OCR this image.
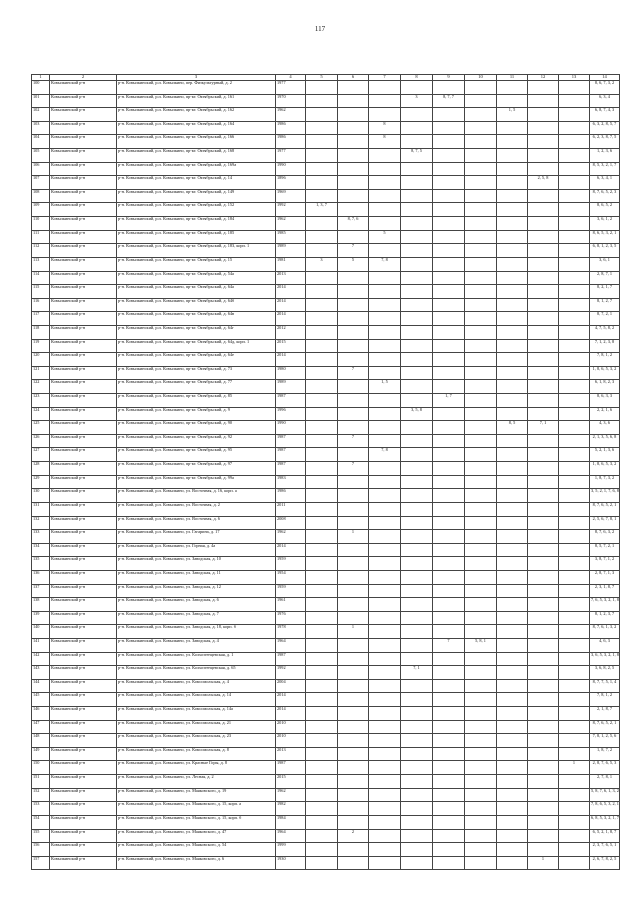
117
1	2	3	4	5	6	7	8	9	10	11	12	13	14
100	Ковылкинский р-н	р-н. Ковылкинский, р.п. Ковылкино, пер. Физкультурный, д. 2	1977										8, 6, 7, 3, 2
101	Ковылкинский р-н	р-н. Ковылкинский, р.п. Ковылкино, пр-кт. Октябрьский, д. 161	1970				3	8, 7, 7					6, 3, 4
102	Ковылкинский р-н	р-н. Ковылкинский, р.п. Ковылкино, пр-кт. Октябрьский, д. 162	1962							1, 5			6, 8, 7, 4, 3
103	Ковылкинский р-н	р-н. Ковылкинский, р.п. Ковылкино, пр-кт. Октябрьский, д. 164	1986			8							6, 3, 2, 8, 5, 7
104	Ковылкинский р-н	р-н. Ковылкинский, р.п. Ковылкино, пр-кт. Октябрьский, д. 166	1986			8							6, 2, 3, 8, 7, 5
105	Ковылкинский р-н	р-н. Ковылкинский, р.п. Ковылкино, пр-кт. Октябрьский, д. 168	1977				8, 7, 5						1, 2, 3, 6
106	Ковылкинский р-н	р-н. Ковылкинский, р.п. Ковылкино, пр-кт. Октябрьский, д. 169а	1990										8, 5, 3, 2, 1, 7
107	Ковылкинский р-н	р-н. Ковылкинский, р.п. Ковылкино, пр-кт. Октябрьский, д. 14	1896								2, 5, 8		6, 3, 4, 1
108	Ковылкинский р-н	р-н. Ковылкинский, р.п. Ковылкино, пр-кт. Октябрьский, д. 149	1969										8, 7, 6, 5, 2, 3
109	Ковылкинский р-н	р-н. Ковылкинский, р.п. Ковылкино, пр-кт. Октябрьский, д. 152	1992	1, 3, 7									8, 6, 5, 2
110	Ковылкинский р-н	р-н. Ковылкинский, р.п. Ковылкино, пр-кт. Октябрьский, д. 184	1962		8, 7, 6								3, 6, 1, 2
111	Ковылкинский р-н	р-н. Ковылкинский, р.п. Ковылкино, пр-кт. Октябрьский, д. 185	1985			5							8, 6, 5, 3, 2, 1
112	Ковылкинский р-н	р-н. Ковылкинский, р.п. Ковылкино, пр-кт. Октябрьский, д. 183, корп. 1	1989		7								6, 8, 1, 2, 3, 5
113	Ковылкинский р-н	р-н. Ковылкинский, р.п. Ковылкино, пр-кт. Октябрьский, д. 15	1981	3	5	7, 8							3, 6, 1
114	Ковылкинский р-н	р-н. Ковылкинский, р.п. Ковылкино, пр-кт. Октябрьский, д. 54а	2013										2, 8, 7, 1
115	Ковылкинский р-н	р-н. Ковылкинский, р.п. Ковылкино, пр-кт. Октябрьский, д. 64а	2014										8, 2, 1, 7
116	Ковылкинский р-н	р-н. Ковылкинский, р.п. Ковылкино, пр-кт. Октябрьский, д. 64б	2014										8, 1, 2, 7
117	Ковылкинский р-н	р-н. Ковылкинский, р.п. Ковылкино, пр-кт. Октябрьский, д. 64в	2014										8, 7, 2, 1
118	Ковылкинский р-н	р-н. Ковылкинский, р.п. Ковылкино, пр-кт. Октябрьский, д. 64г	2012										4, 7, 5, 8, 2
119	Ковылкинский р-н	р-н. Ковылкинский, р.п. Ковылкино, пр-кт. Октябрьский, д. 64д, корп. 1	2015										7, 1, 2, 3, 8
120	Ковылкинский р-н	р-н. Ковылкинский, р.п. Ковылкино, пр-кт. Октябрьский, д. 64е	2014										7, 8, 1, 2
121	Ковылкинский р-н	р-н. Ковылкинский, р.п. Ковылкино, пр-кт. Октябрьский, д. 73	1980		7								1, 8, 6, 5, 3, 2
122	Ковылкинский р-н	р-н. Ковылкинский, р.п. Ковылкино, пр-кт. Октябрьский, д. 77	1989			1, 5							6, 1, 8, 2, 3
123	Ковылкинский р-н	р-н. Ковылкинский, р.п. Ковылкино, пр-кт. Октябрьский, д. 85	1987					1, 7					8, 6, 3, 3
124	Ковылкинский р-н	р-н. Ковылкинский, р.п. Ковылкино, пр-кт. Октябрьский, д. 9	1996				3, 5, 8						2, 2, 1, 6
125	Ковылкинский р-н	р-н. Ковылкинский, р.п. Ковылкино, пр-кт. Октябрьский, д. 90	1990							8, 5	7, 1		4, 3, 6
126	Ковылкинский р-н	р-н. Ковылкинский, р.п. Ковылкино, пр-кт. Октябрьский, д. 92	1987		7								2, 1, 3, 5, 6, 8
127	Ковылкинский р-н	р-н. Ковылкинский, р.п. Ковылкино, пр-кт. Октябрьский, д. 95	1987			7, 8							5, 2, 1, 3, 6
128	Ковылкинский р-н	р-н. Ковылкинский, р.п. Ковылкино, пр-кт. Октябрьский, д. 97	1987		7								1, 8, 6, 5, 3, 2
129	Ковылкинский р-н	р-н. Ковылкинский, р.п. Ковылкино, пр-кт. Октябрьский, д. 99а	1983										1, 8, 7, 3, 2
130	Ковылкинский р-н	р-н. Ковылкинский, р.п. Ковылкино, ул. Восточная, д. 16, корп. а	1986										3, 5, 2, 1, 7, 6, 8
131	Ковылкинский р-н	р-н. Ковылкинский, р.п. Ковылкино, ул. Восточная, д. 2	2011										8, 7, 6, 5, 2, 1
132	Ковылкинский р-н	р-н. Ковылкинский, р.п. Ковылкино, ул. Восточная, д. 6	2008										2, 5, 6, 7, 8, 1
133	Ковылкинский р-н	р-н. Ковылкинский, р.п. Ковылкино, ул. Гагарина, д. 17	1962		1								8, 7, 6, 3, 2
134	Ковылкинский р-н	р-н. Ковылкинский, р.п. Ковылкино, ул. Горная, д. 4а	2014										8, 5, 7, 2, 1
135	Ковылкинский р-н	р-н. Ковылкинский, р.п. Ковылкино, ул. Заводская, д. 10	1959										3, 8, 7, 1, 2
136	Ковылкинский р-н	р-н. Ковылкинский, р.п. Ковылкино, ул. Заводская, д. 11	1954										2, 8, 7, 1, 3
137	Ковылкинский р-н	р-н. Ковылкинский, р.п. Ковылкино, ул. Заводская, д. 12	1959										2, 3, 1, 8, 7
138	Ковылкинский р-н	р-н. Ковылкинский, р.п. Ковылкино, ул. Заводская, д. 6	1961										7, 6, 5, 3, 2, 1, 8
139	Ковылкинский р-н	р-н. Ковылкинский, р.п. Ковылкино, ул. Заводская, д. 7	1976										8, 1, 2, 3, 7
140	Ковылкинский р-н	р-н. Ковылкинский, р.п. Ковылкино, ул. Заводская, д. 18, корп. б	1978		1								8, 7, 6, 1, 3, 2
141	Ковылкинский р-н	р-н. Ковылкинский, р.п. Ковылкино, ул. Заводская, д. 4	1964					7	5, 8, 1				4, 6, 3
142	Ковылкинский р-н	р-н. Ковылкинский, р.п. Ковылкино, ул. Колхозгенцевская, д. 1	1987										3, 6, 5, 3, 2, 1, 8
143	Ковылкинский р-н	р-н. Ковылкинский, р.п. Ковылкино, ул. Колхозгенцевская, д. 65	1992				7, 1						3, 6, 8, 2, 5
144	Ковылкинский р-н	р-н. Ковылкинский, р.п. Ковылкино, ул. Комсомольская, д. 4	2004										8, 7, 7, 5, 1, 4
145	Ковылкинский р-н	р-н. Ковылкинский, р.п. Ковылкино, ул. Комсомольская, д. 14	2014										7, 8, 1, 2
146	Ковылкинский р-н	р-н. Ковылкинский, р.п. Ковылкино, ул. Комсомольская, д. 14а	2014										2, 1, 8, 7
147	Ковылкинский р-н	р-н. Ковылкинский, р.п. Ковылкино, ул. Комсомольская, д. 21	2010										8, 7, 6, 5, 2, 1
148	Ковылкинский р-н	р-н. Ковылкинский, р.п. Ковылкино, ул. Комсомольская, д. 23	2010										7, 8, 1, 2, 5, 6
149	Ковылкинский р-н	р-н. Ковылкинский, р.п. Ковылкино, ул. Комсомольская, д. 8	2013										1, 8, 7, 2
150	Ковылкинский р-н	р-н. Ковылкинский, р.п. Ковылкино, ул. Красные Горы, д. 8	1987									1	2, 8, 7, 6, 5, 3
151	Ковылкинский р-н	р-н. Ковылкинский, р.п. Ковылкино, ул. Лесная, д. 2	2015										2, 7, 8, 1
152	Ковылкинский р-н	р-н. Ковылкинский, р.п. Ковылкино, ул. Маяковского, д. 19	1962										5, 8, 7, 6, 1, 3, 2
153	Ковылкинский р-н	р-н. Ковылкинский, р.п. Ковылкино, ул. Маяковского, д. 15, корп. а	1982										7, 8, 6, 5, 3, 2, 1
154	Ковылкинский р-н	р-н. Ковылкинский, р.п. Ковылкино, ул. Маяковского, д. 15, корп. б	1984										6, 8, 5, 3, 2, 1, 7
155	Ковылкинский р-н	р-н. Ковылкинский, р.п. Ковылкино, ул. Маяковского, д. 47	1964		2								6, 5, 2, 1, 8, 7
156	Ковылкинский р-н	р-н. Ковылкинский, р.п. Ковылкино, ул. Маяковского, д. 54	1999										2, 3, 7, 6, 5, 1
157	Ковылкинский р-н	р-н. Ковылкинский, р.п. Ковылкино, ул. Маяковского, д. 6	1930								1		2, 6, 7, 8, 2, 5
